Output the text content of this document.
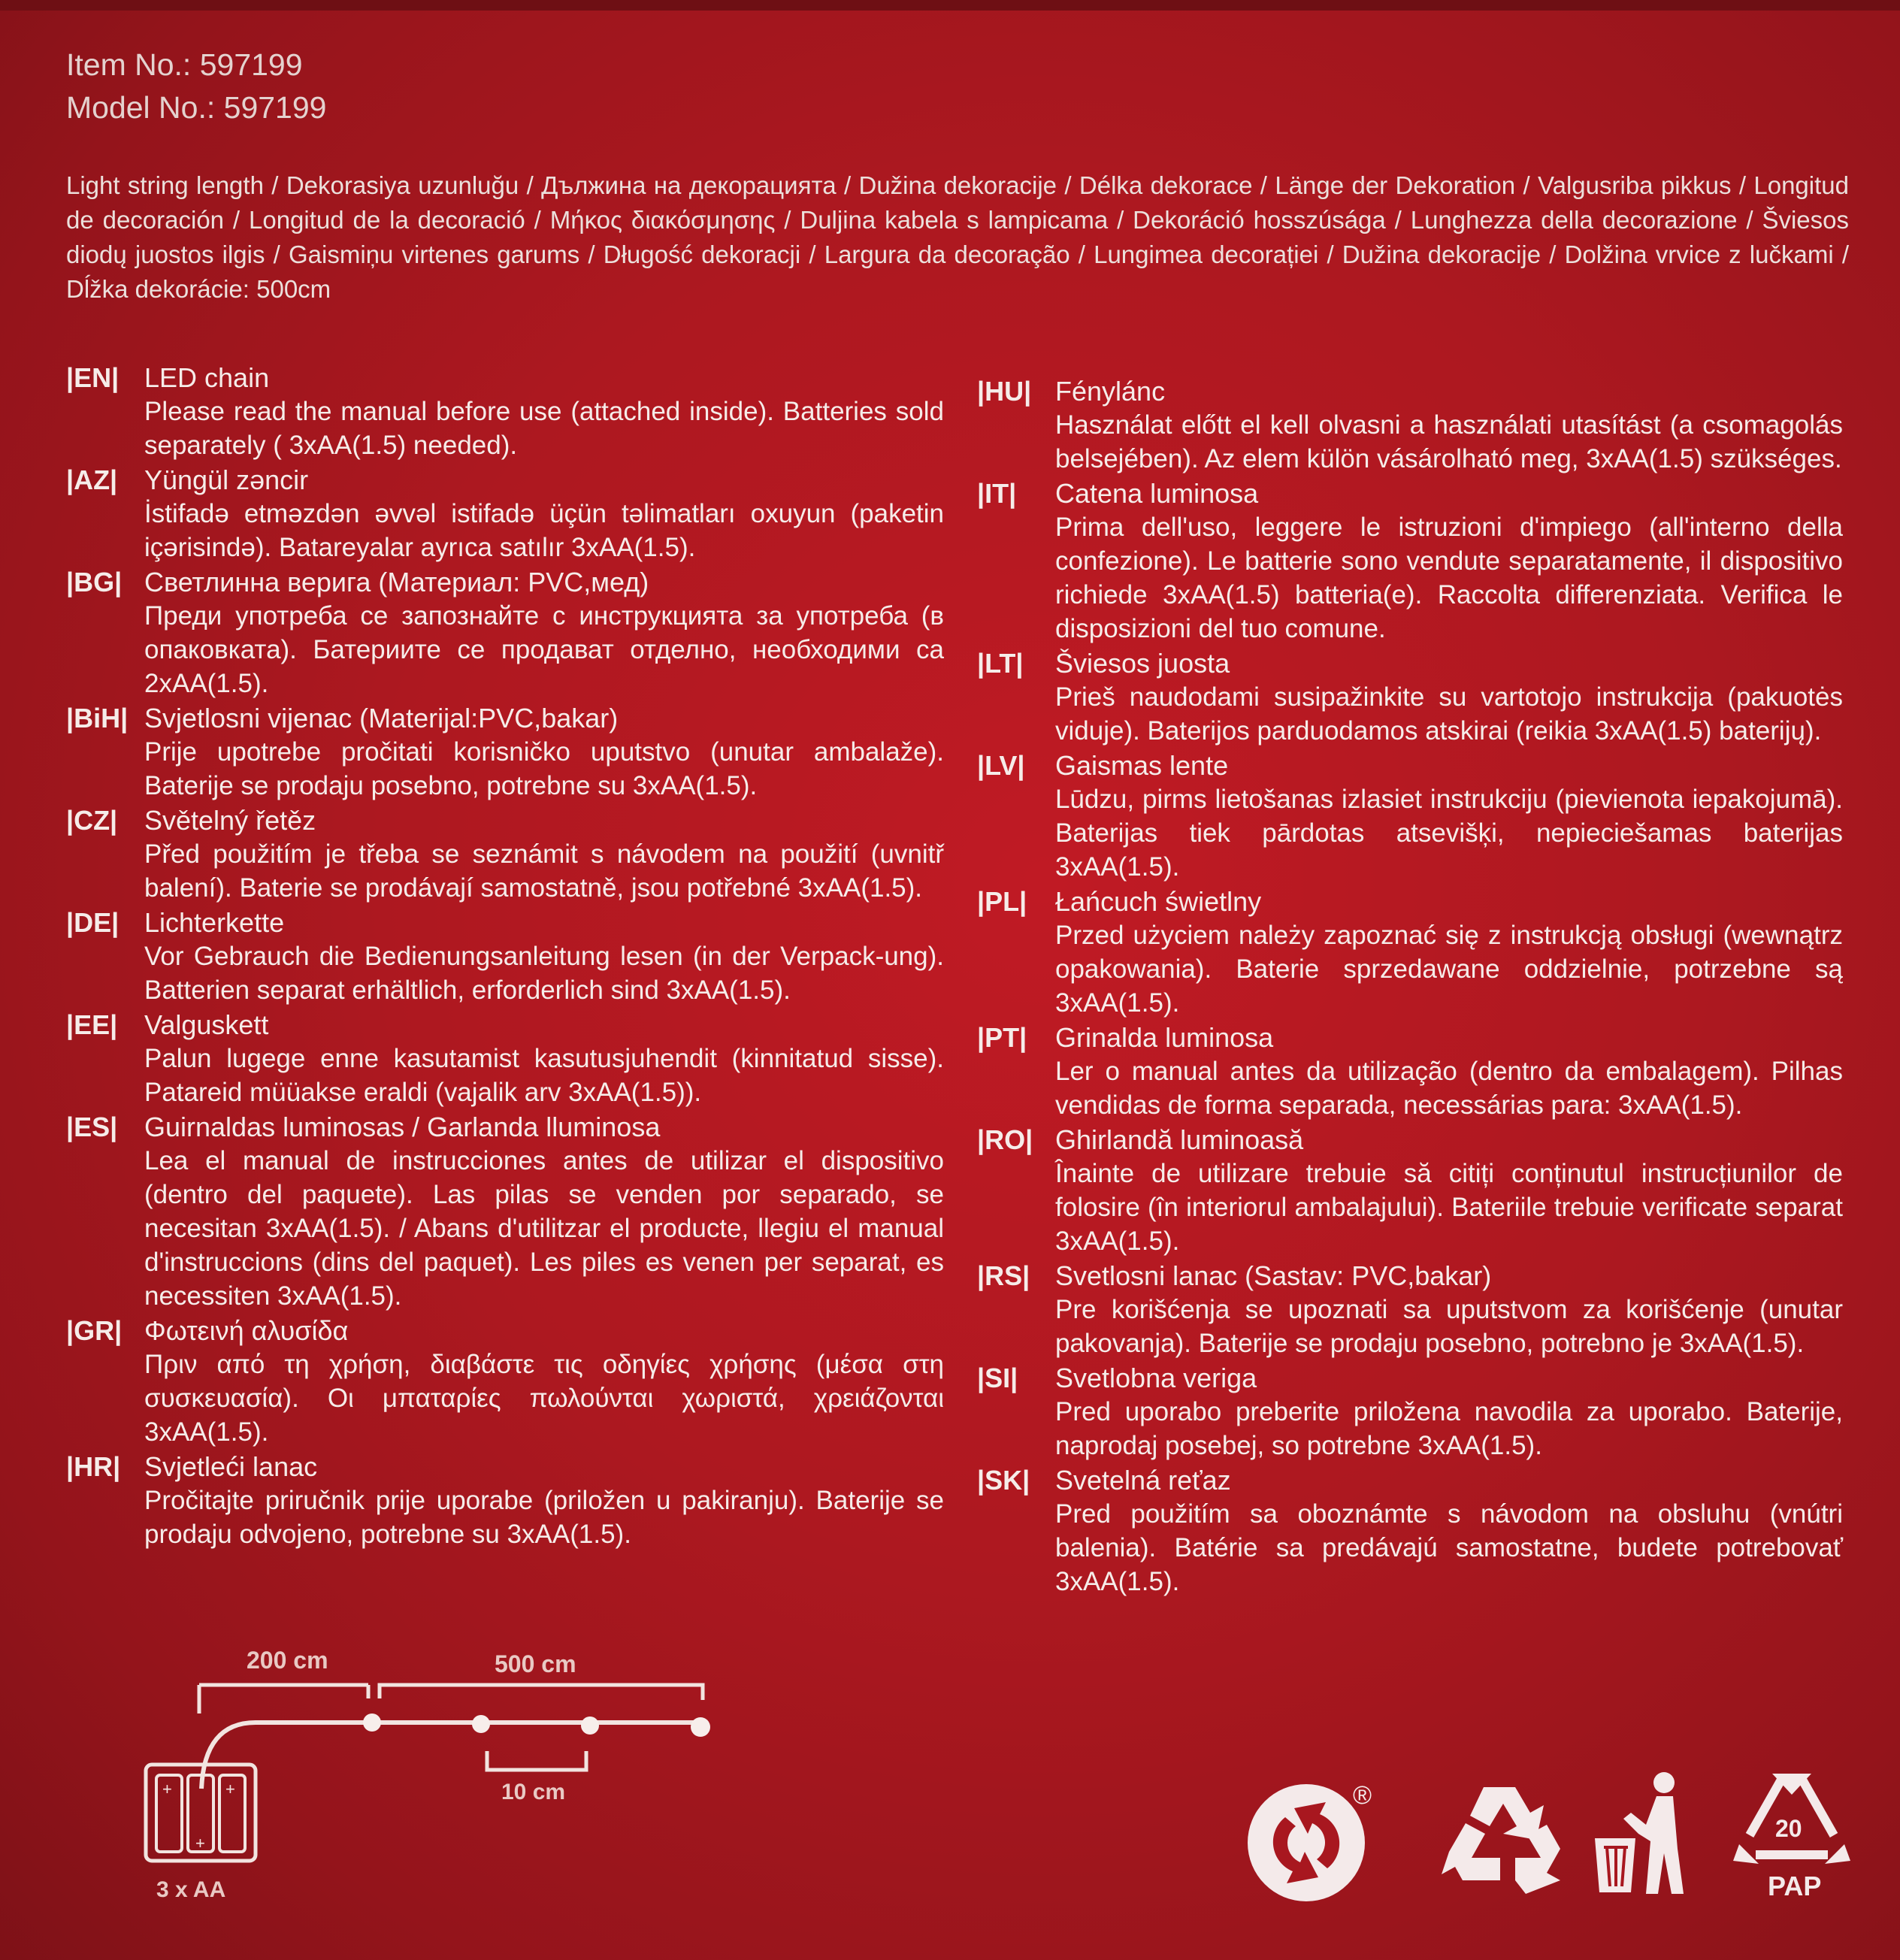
Item No.: 597199
Model No.: 597199
Light string length / Dekorasiya uzunluğu / Дължина на декорацията / Dužina dekoracije / Délka dekorace / Länge der Dekoration / Valgusriba pikkus / Longitud de decoración / Longitud de la decoració / Μήκος διακόσμησης / Duljina kabela s lampicama / Dekoráció hosszúsága / Lunghezza della decorazione / Šviesos diodų juostos ilgis / Gaismiņu virtenes garums / Długość dekoracji / Largura da decoração / Lungimea decorației / Dužina dekoracije / Dolžina vrvice z lučkami / Dĺžka dekorácie: 500cm
|EN| LED chain
Please read the manual before use (attached inside). Batteries sold separately ( 3xAA(1.5) needed).
|AZ| Yüngül zəncir
İstifadə etməzdən əvvəl istifadə üçün təlimatları oxuyun (paketin içərisində). Batareyalar ayrıca satılır 3xAA(1.5).
|BG| Светлинна верига (Материал: PVC,мед)
Преди употреба се запознайте с инструкцията за употреба (в опаковката). Батериите се продават отделно, необходими са 2xAA(1.5).
|BiH| Svjetlosni vijenac (Materijal:PVC,bakar)
Prije upotrebe pročitati korisničko uputstvo (unutar ambalaže). Baterije se prodaju posebno, potrebne su 3xAA(1.5).
|CZ| Světelný řetěz
Před použitím je třeba se seznámit s návodem na použití (uvnitř balení). Baterie se prodávají samostatně, jsou potřebné 3xAA(1.5).
|DE| Lichterkette
Vor Gebrauch die Bedienungsanleitung lesen (in der Verpack-ung). Batterien separat erhältlich, erforderlich sind 3xAA(1.5).
|EE| Valguskett
Palun lugege enne kasutamist kasutusjuhendit (kinnitatud sisse). Patareid müüakse eraldi (vajalik arv 3xAA(1.5)).
|ES| Guirnaldas luminosas / Garlanda lluminosa
Lea el manual de instrucciones antes de utilizar el dispositivo (dentro del paquete). Las pilas se venden por separado, se necesitan 3xAA(1.5). / Abans d'utilitzar el producte, llegiu el manual d'instruccions (dins del paquet). Les piles es venen per separat, es necessiten 3xAA(1.5).
|GR| Φωτεινή αλυσίδα
Πριν από τη χρήση, διαβάστε τις οδηγίες χρήσης (μέσα στη συσκευασία). Οι μπαταρίες πωλούνται χωριστά, χρειάζονται 3xAA(1.5).
|HR| Svjetleći lanac
Pročitajte priručnik prije uporabe (priložen u pakiranju). Baterije se prodaju odvojeno, potrebne su 3xAA(1.5).
|HU| Fénylánc
Használat előtt el kell olvasni a használati utasítást (a csomagolás belsejében). Az elem külön vásárolható meg, 3xAA(1.5) szükséges.
|IT|	Catena luminosa
Prima dell'uso, leggere le istruzioni d'impiego (all'interno della confezione). Le batterie sono vendute separatamente, il dispositivo richiede 3xAA(1.5) batteria(e). Raccolta differenziata. Verifica le disposizioni del tuo comune.
|LT|	Šviesos juosta
Prieš naudodami susipažinkite su vartotojo instrukcija (pakuotės viduje). Baterijos parduodamos atskirai (reikia 3xAA(1.5) baterijų).
|LV|	Gaismas lente
Lūdzu, pirms lietošanas izlasiet instrukciju (pievienota iepakojumā). Baterijas tiek pārdotas atsevišķi, nepieciešamas baterijas 3xAA(1.5).
|PL|	Łańcuch świetlny
Przed użyciem należy zapoznać się z instrukcją obsługi (wewnątrz opakowania). Baterie sprzedawane oddzielnie, potrzebne są 3xAA(1.5).
|PT|	Grinalda luminosa
Ler o manual antes da utilização (dentro da embalagem). Pilhas vendidas de forma separada, necessárias para: 3xAA(1.5).
|RO| Ghirlandă luminoasă
Înainte de utilizare trebuie să citiți conținutul instrucțiunilor de folosire (în interiorul ambalajului). Bateriile trebuie verificate separat 3xAA(1.5).
|RS| Svetlosni lanac (Sastav: PVC,bakar)
Pre korišćenja se upoznati sa uputstvom za korišćenje (unutar pakovanja). Baterije se prodaju posebno, potrebno je 3xAA(1.5).
|SI|	Svetlobna veriga
Pred uporabo preberite priložena navodila za uporabo. Baterije, naprodaj posebej, so potrebne 3xAA(1.5).
|SK| Svetelná reťaz
Pred použitím sa oboznámte s návodom na obsluhu (vnútri balenia). Batérie sa predávajú samostatne, budete potrebovať 3xAA(1.5).
200 cm	500 cm
10 cm
+
+
+
3 x AA
®
20
PAP
